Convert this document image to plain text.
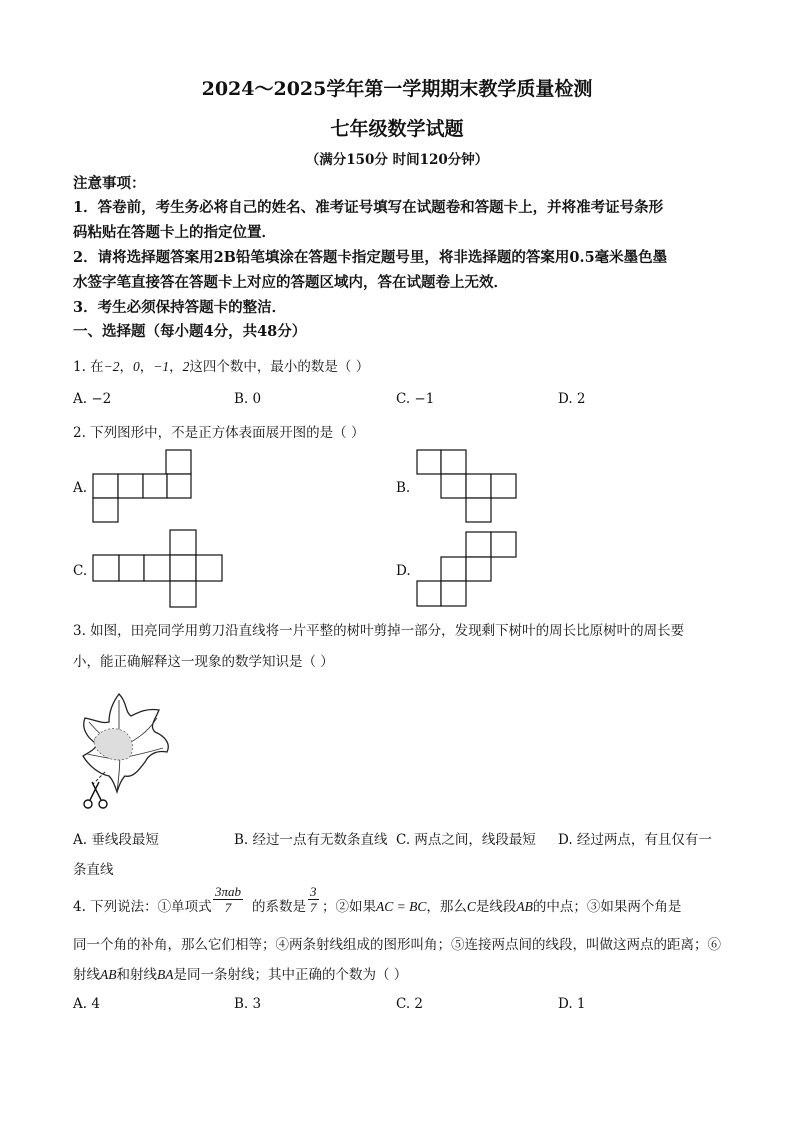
2024～2025学年第一学期期末教学质量检测
七年级数学试题
（满分150分 时间120分钟）
注意事项：
1．答卷前，考生务必将自己的姓名、准考证号填写在试题卷和答题卡上，并将准考证号条形
码粘贴在答题卡上的指定位置．
2．请将选择题答案用2B铅笔填涂在答题卡指定题号里，将非选择题的答案用0.5毫米墨色墨
水签字笔直接答在答题卡上对应的答题区域内，答在试题卷上无效．
3．考生必须保持答题卡的整洁．
一、选择题（每小题4分，共48分）
1. 在−2，0，−1，2这四个数中，最小的数是（ ）
A. −2	B. 0	C. −1	D. 2
2. 下列图形中，不是正方体表面展开图的是（ ）
A.	B.
C.	D.
3. 如图，田亮同学用剪刀沿直线将一片平整的树叶剪掉一部分，发现剩下树叶的周长比原树叶的周长要
小，能正确解释这一现象的数学知识是（ ）
A. 垂线段最短	B. 经过一点有无数条直线 C. 两点之间，线段最短 D. 经过两点，有且仅有一
条直线
4. 下列说法：①单项式
3πab
7 的系数是 $\frac{3}{7}$ ；②如果AC = BC，那么C是线段AB的中点；③如果两个角是
同一个角的补角，那么它们相等；④两条射线组成的图形叫角；⑤连接两点间的线段，叫做这两点的距离；⑥
射线AB和射线BA是同一条射线；其中正确的个数为（ ）
A. 4	B. 3	C. 2	D. 1
